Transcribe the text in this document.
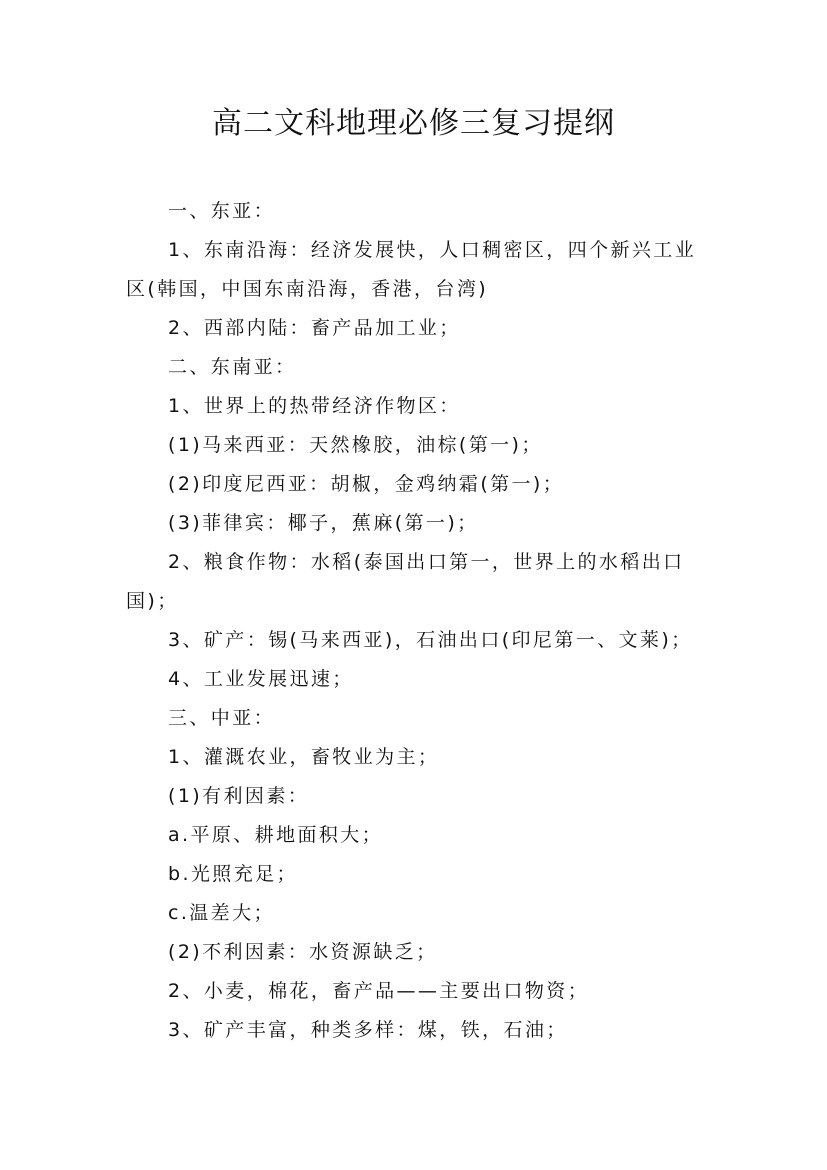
高二文科地理必修三复习提纲

一、东亚：

1、东南沿海：经济发展快，人口稠密区，四个新兴工业区(韩国，中国东南沿海，香港，台湾)

2、西部内陆：畜产品加工业；

二、东南亚：

1、世界上的热带经济作物区：

(1)马来西亚：天然橡胶，油棕(第一)；

(2)印度尼西亚：胡椒，金鸡纳霜(第一)；

(3)菲律宾：椰子，蕉麻(第一)；

2、粮食作物：水稻(泰国出口第一，世界上的水稻出口国)；

3、矿产：锡(马来西亚)，石油出口(印尼第一、文莱)；

4、工业发展迅速；

三、中亚：

1、灌溉农业，畜牧业为主；

(1)有利因素：

a.平原、耕地面积大；

b.光照充足；

c.温差大；

(2)不利因素：水资源缺乏；

2、小麦，棉花，畜产品——主要出口物资；

3、矿产丰富，种类多样：煤，铁，石油；
